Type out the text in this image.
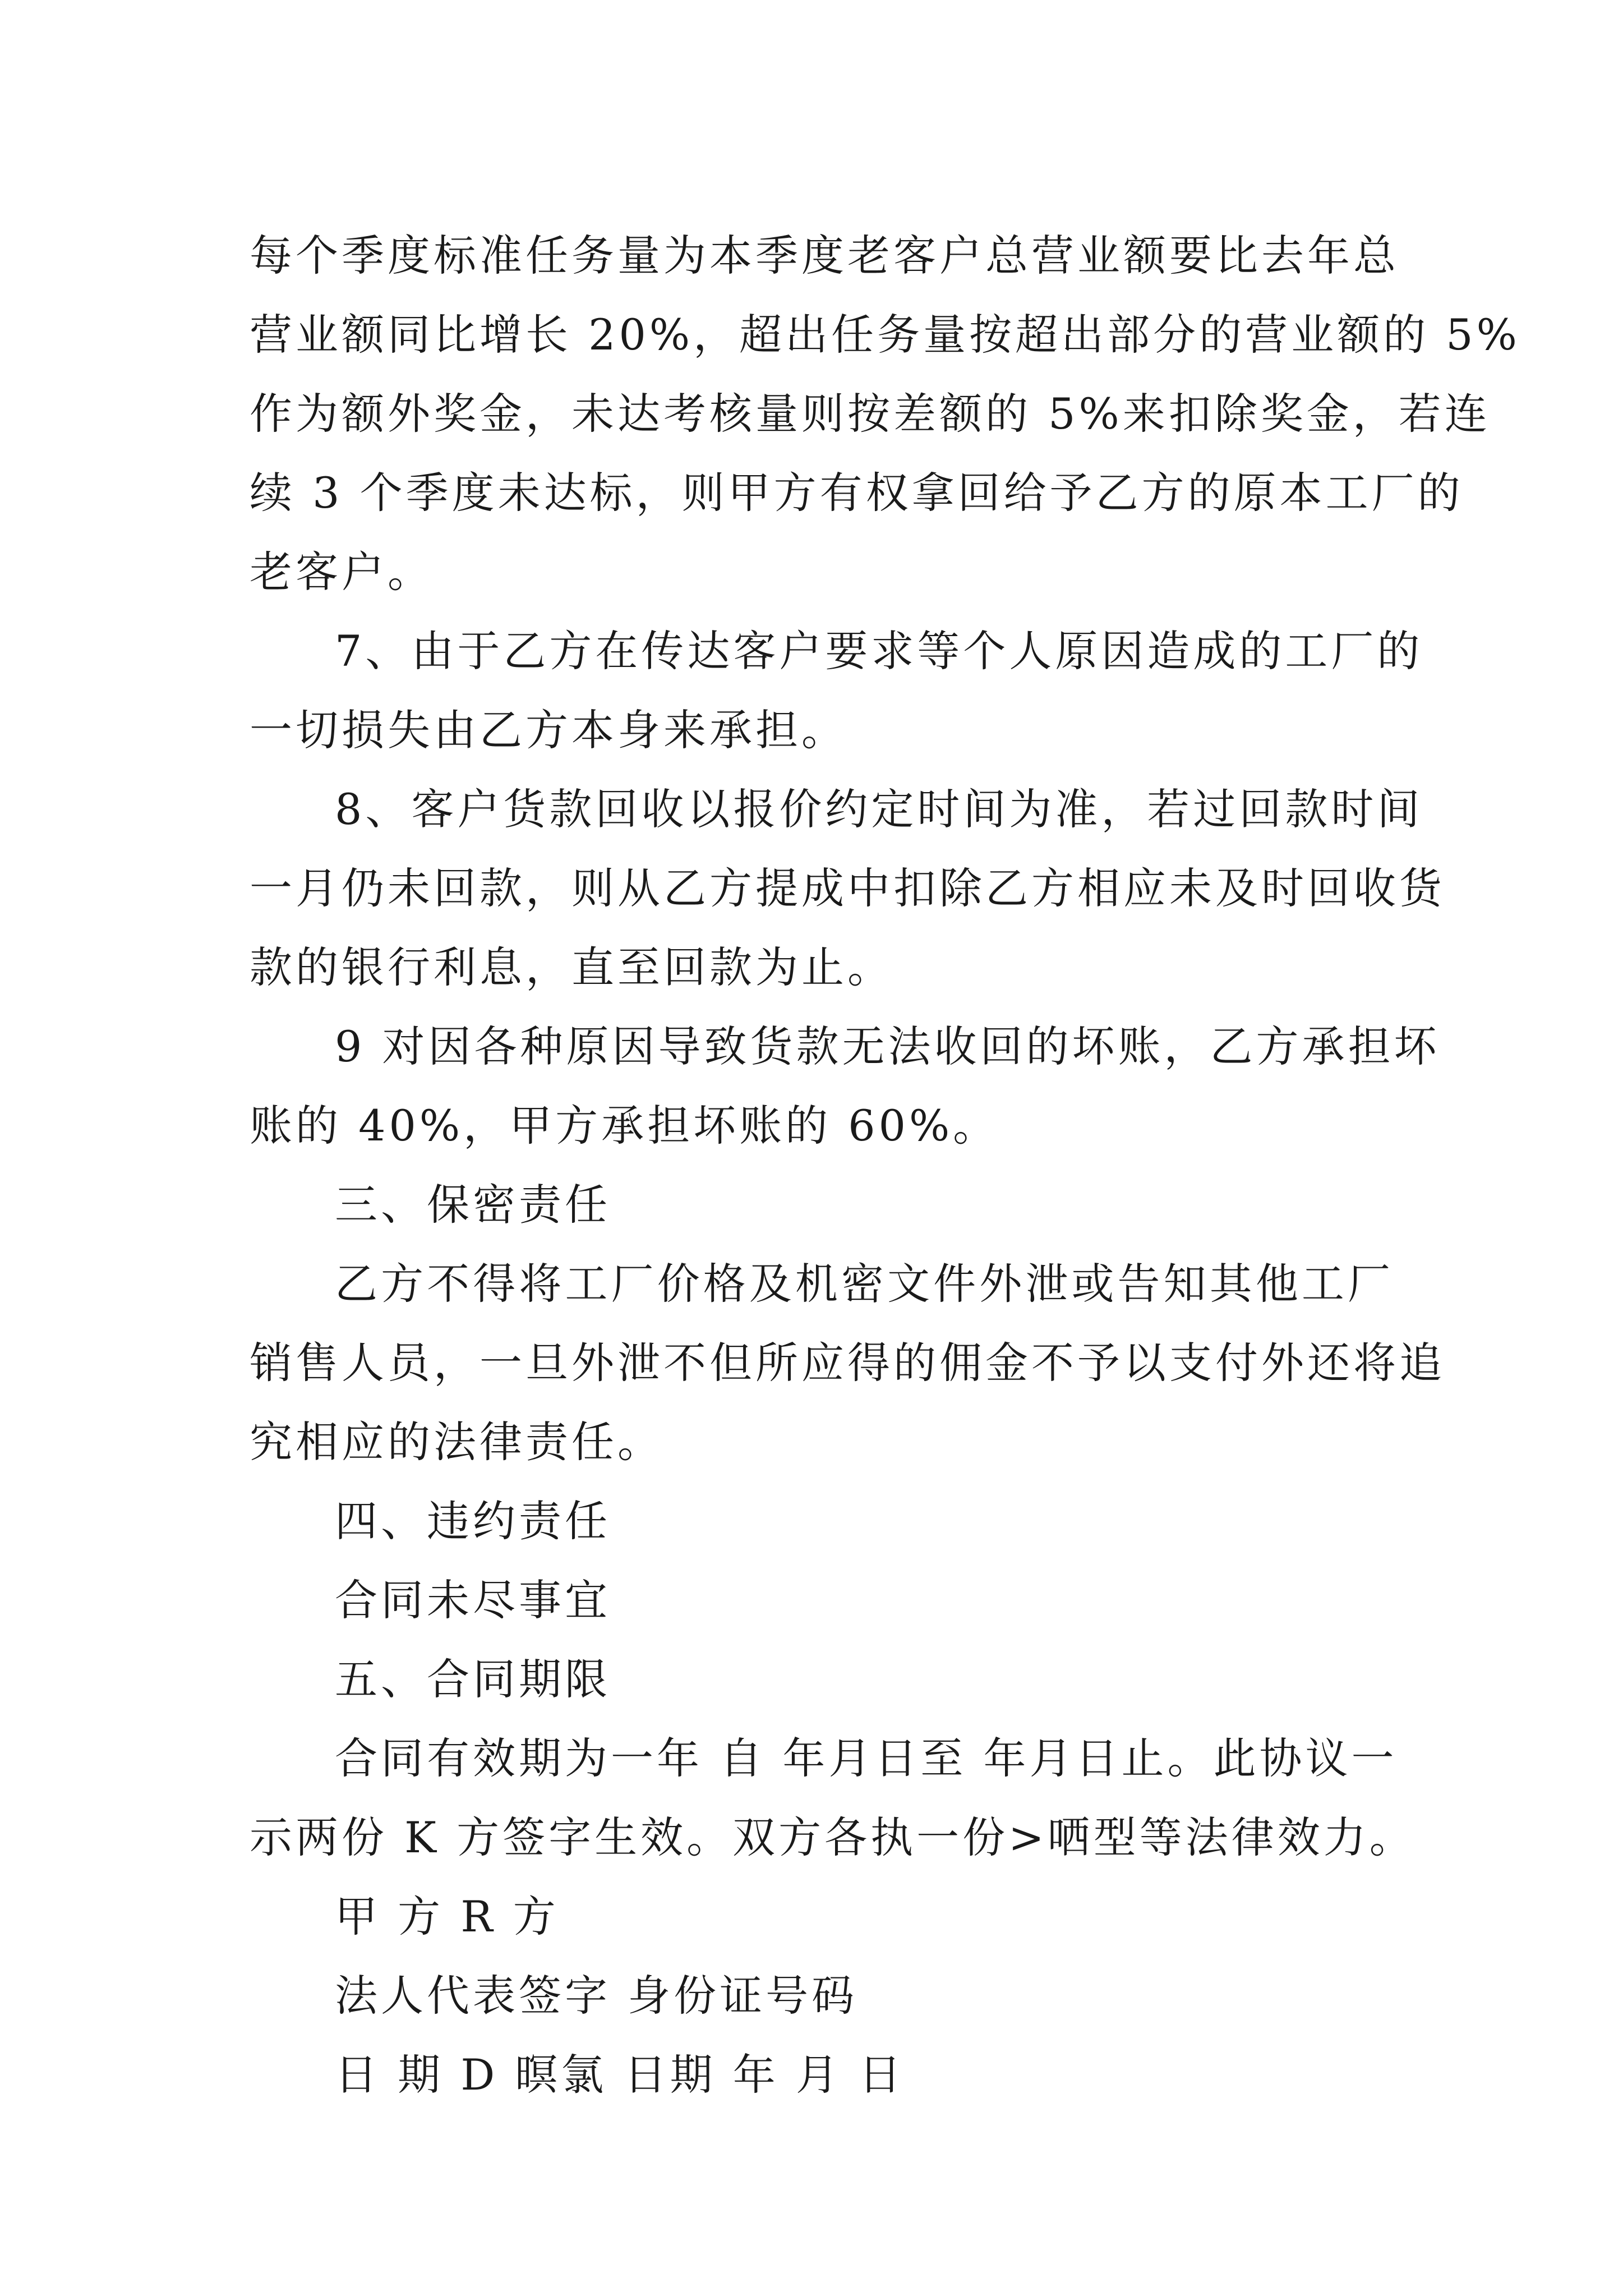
每个季度标准任务量为本季度老客户总营业额要比去年总
营业额同比增长 20%，超出任务量按超出部分的营业额的 5%
作为额外奖金，未达考核量则按差额的 5%来扣除奖金，若连
续 3 个季度未达标，则甲方有权拿回给予乙方的原本工厂的
老客户。
7、由于乙方在传达客户要求等个人原因造成的工厂的
一切损失由乙方本身来承担。
8、客户货款回收以报价约定时间为准，若过回款时间
一月仍未回款，则从乙方提成中扣除乙方相应未及时回收货
款的银行利息，直至回款为止。
9 对因各种原因导致货款无法收回的坏账，乙方承担坏
账的 40%，甲方承担坏账的 60%。
三、保密责任
乙方不得将工厂价格及机密文件外泄或告知其他工厂
销售人员，一旦外泄不但所应得的佣金不予以支付外还将追
究相应的法律责任。
四、违约责任
合同未尽事宜
五、合同期限
合同有效期为一年 自 年月日至 年月日止。此协议一
示两份 K 方签字生效。双方各执一份>哂型等法律效力。
甲 方 R 方
法人代表签字 身份证号码
日 期 D 暝氯 日期 年 月 日
